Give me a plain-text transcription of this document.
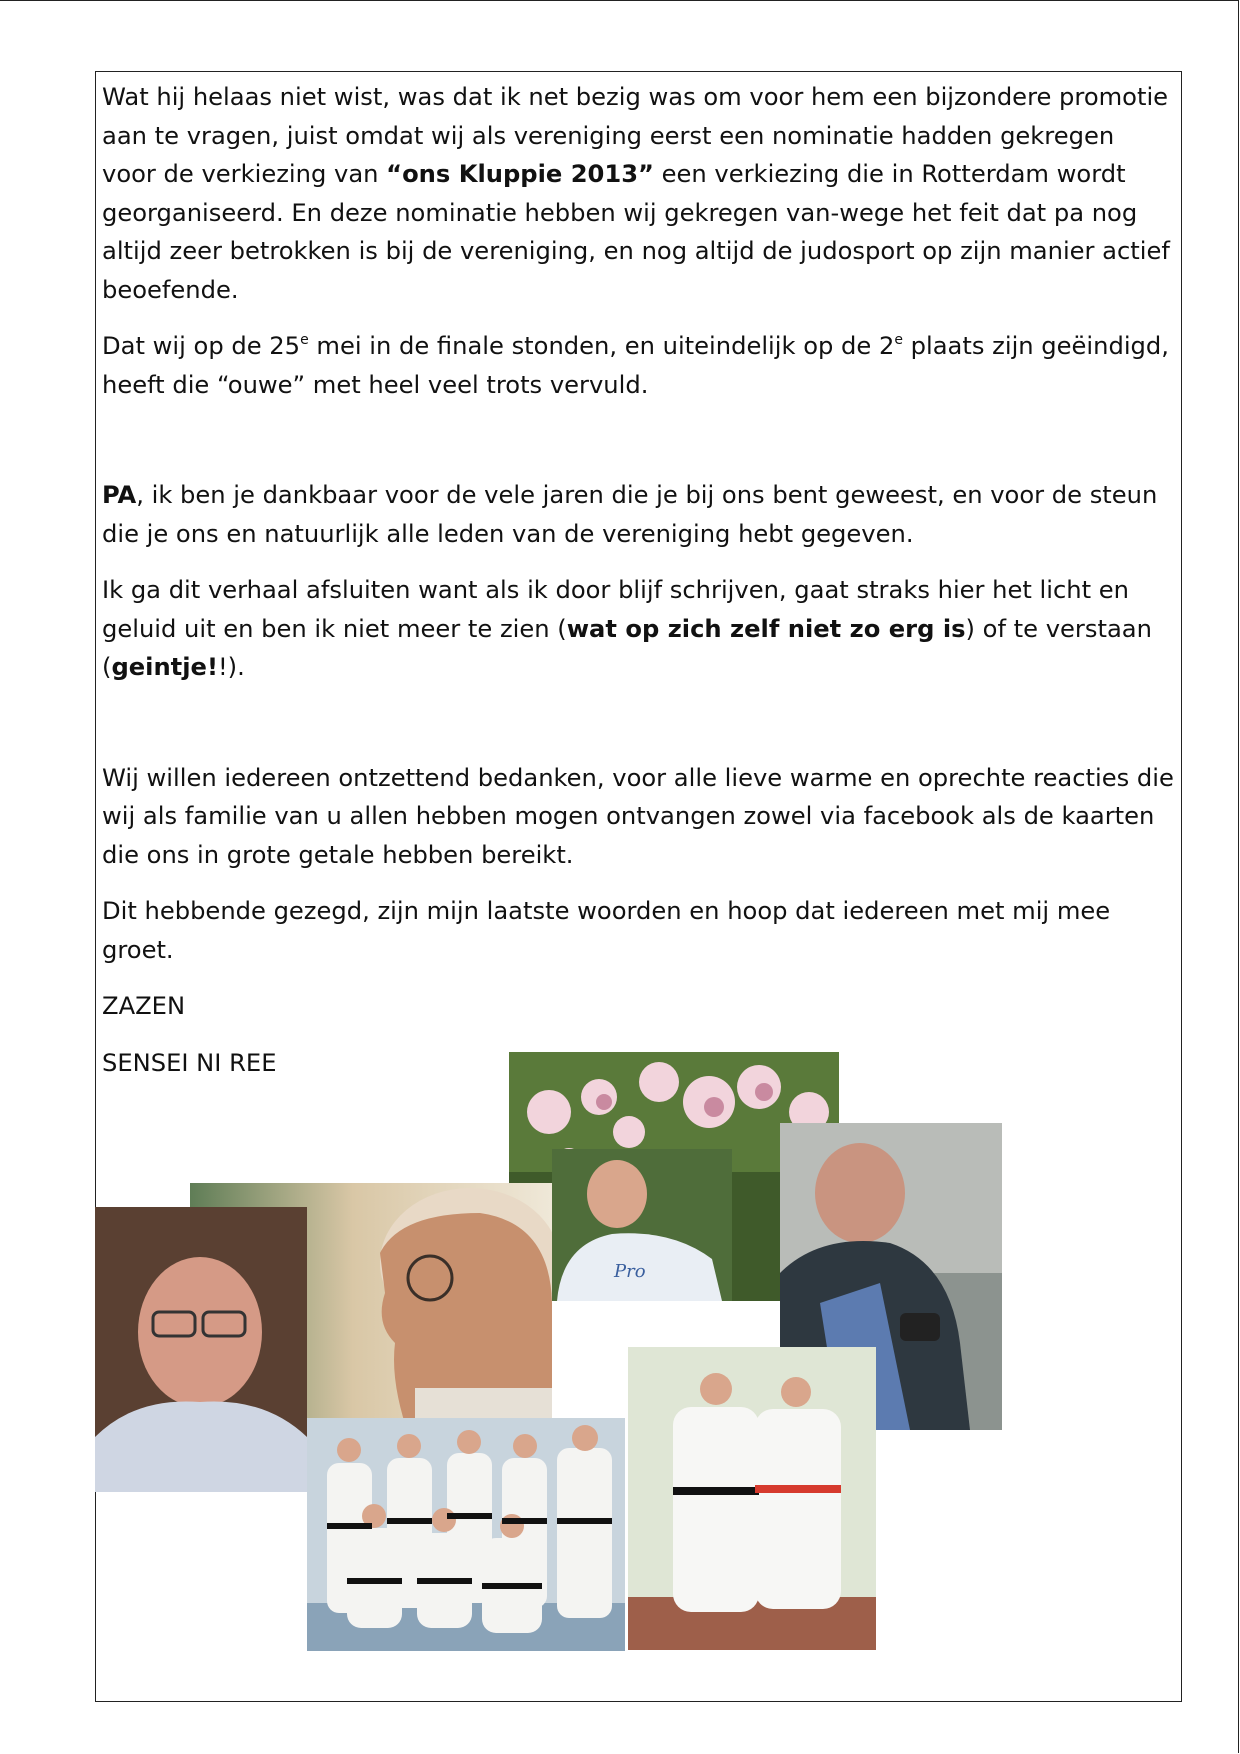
Wat hij helaas niet wist, was dat ik net bezig was om voor hem een bijzondere promotie aan te vragen, juist omdat wij als vereniging eerst een nominatie hadden gekregen voor de verkiezing van “ons Kluppie 2013” een verkiezing die in Rotterdam wordt georganiseerd. En deze nominatie hebben wij gekregen van-wege het feit dat pa nog altijd zeer betrokken is bij de vereniging, en nog altijd de judosport op zijn manier actief beoefende.

Dat wij op de 25e mei in de finale stonden, en uiteindelijk op de 2e plaats zijn geëindigd, heeft die “ouwe” met heel veel trots vervuld.

PA, ik ben je dankbaar voor de vele jaren die je bij ons bent geweest, en voor de steun die je ons en natuurlijk alle leden van de vereniging hebt gegeven.

Ik ga dit verhaal afsluiten want als ik door blijf schrijven, gaat straks hier het licht en geluid uit en ben ik niet meer te zien (wat op zich zelf niet zo erg is) of te verstaan (geintje!!).

Wij willen iedereen ontzettend bedanken, voor alle lieve warme en oprechte reacties die wij als familie van u allen hebben mogen ontvangen zowel via facebook als de kaarten die ons in grote getale hebben bereikt.

Dit hebbende gezegd, zijn mijn laatste woorden en hoop dat iedereen met mij mee groet.

ZAZEN

SENSEI NI REE

Pro
